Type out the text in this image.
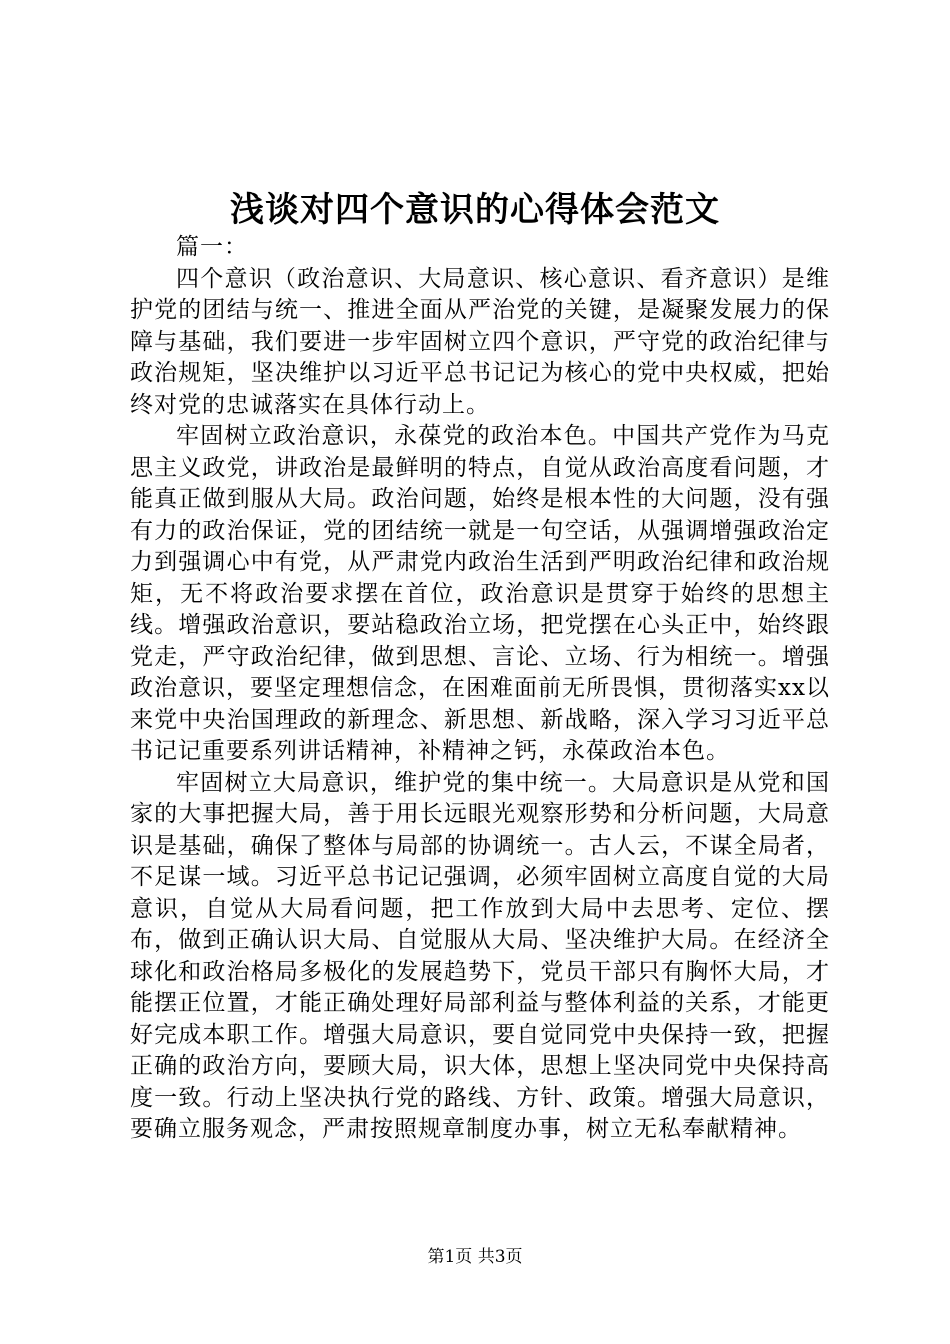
浅谈对四个意识的心得体会范文

篇一：

四个意识（政治意识、大局意识、核心意识、看齐意识）是维护党的团结与统一、推进全面从严治党的关键，是凝聚发展力的保障与基础，我们要进一步牢固树立四个意识，严守党的政治纪律与政治规矩，坚决维护以习近平总书记记为核心的党中央权威，把始终对党的忠诚落实在具体行动上。

牢固树立政治意识，永葆党的政治本色。中国共产党作为马克思主义政党，讲政治是最鲜明的特点，自觉从政治高度看问题，才能真正做到服从大局。政治问题，始终是根本性的大问题，没有强有力的政治保证，党的团结统一就是一句空话，从强调增强政治定力到强调心中有党，从严肃党内政治生活到严明政治纪律和政治规矩，无不将政治要求摆在首位，政治意识是贯穿于始终的思想主线。增强政治意识，要站稳政治立场，把党摆在心头正中，始终跟党走，严守政治纪律，做到思想、言论、立场、行为相统一。增强政治意识，要坚定理想信念，在困难面前无所畏惧，贯彻落实xx以来党中央治国理政的新理念、新思想、新战略，深入学习习近平总书记记重要系列讲话精神，补精神之钙，永葆政治本色。

牢固树立大局意识，维护党的集中统一。大局意识是从党和国家的大事把握大局，善于用长远眼光观察形势和分析问题，大局意识是基础，确保了整体与局部的协调统一。古人云，不谋全局者，不足谋一域。习近平总书记记强调，必须牢固树立高度自觉的大局意识，自觉从大局看问题，把工作放到大局中去思考、定位、摆布，做到正确认识大局、自觉服从大局、坚决维护大局。在经济全球化和政治格局多极化的发展趋势下，党员干部只有胸怀大局，才能摆正位置，才能正确处理好局部利益与整体利益的关系，才能更好完成本职工作。增强大局意识，要自觉同党中央保持一致，把握正确的政治方向，要顾大局，识大体，思想上坚决同党中央保持高度一致。行动上坚决执行党的路线、方针、政策。增强大局意识，要确立服务观念，严肃按照规章制度办事，树立无私奉献精神。

第1页 共3页
